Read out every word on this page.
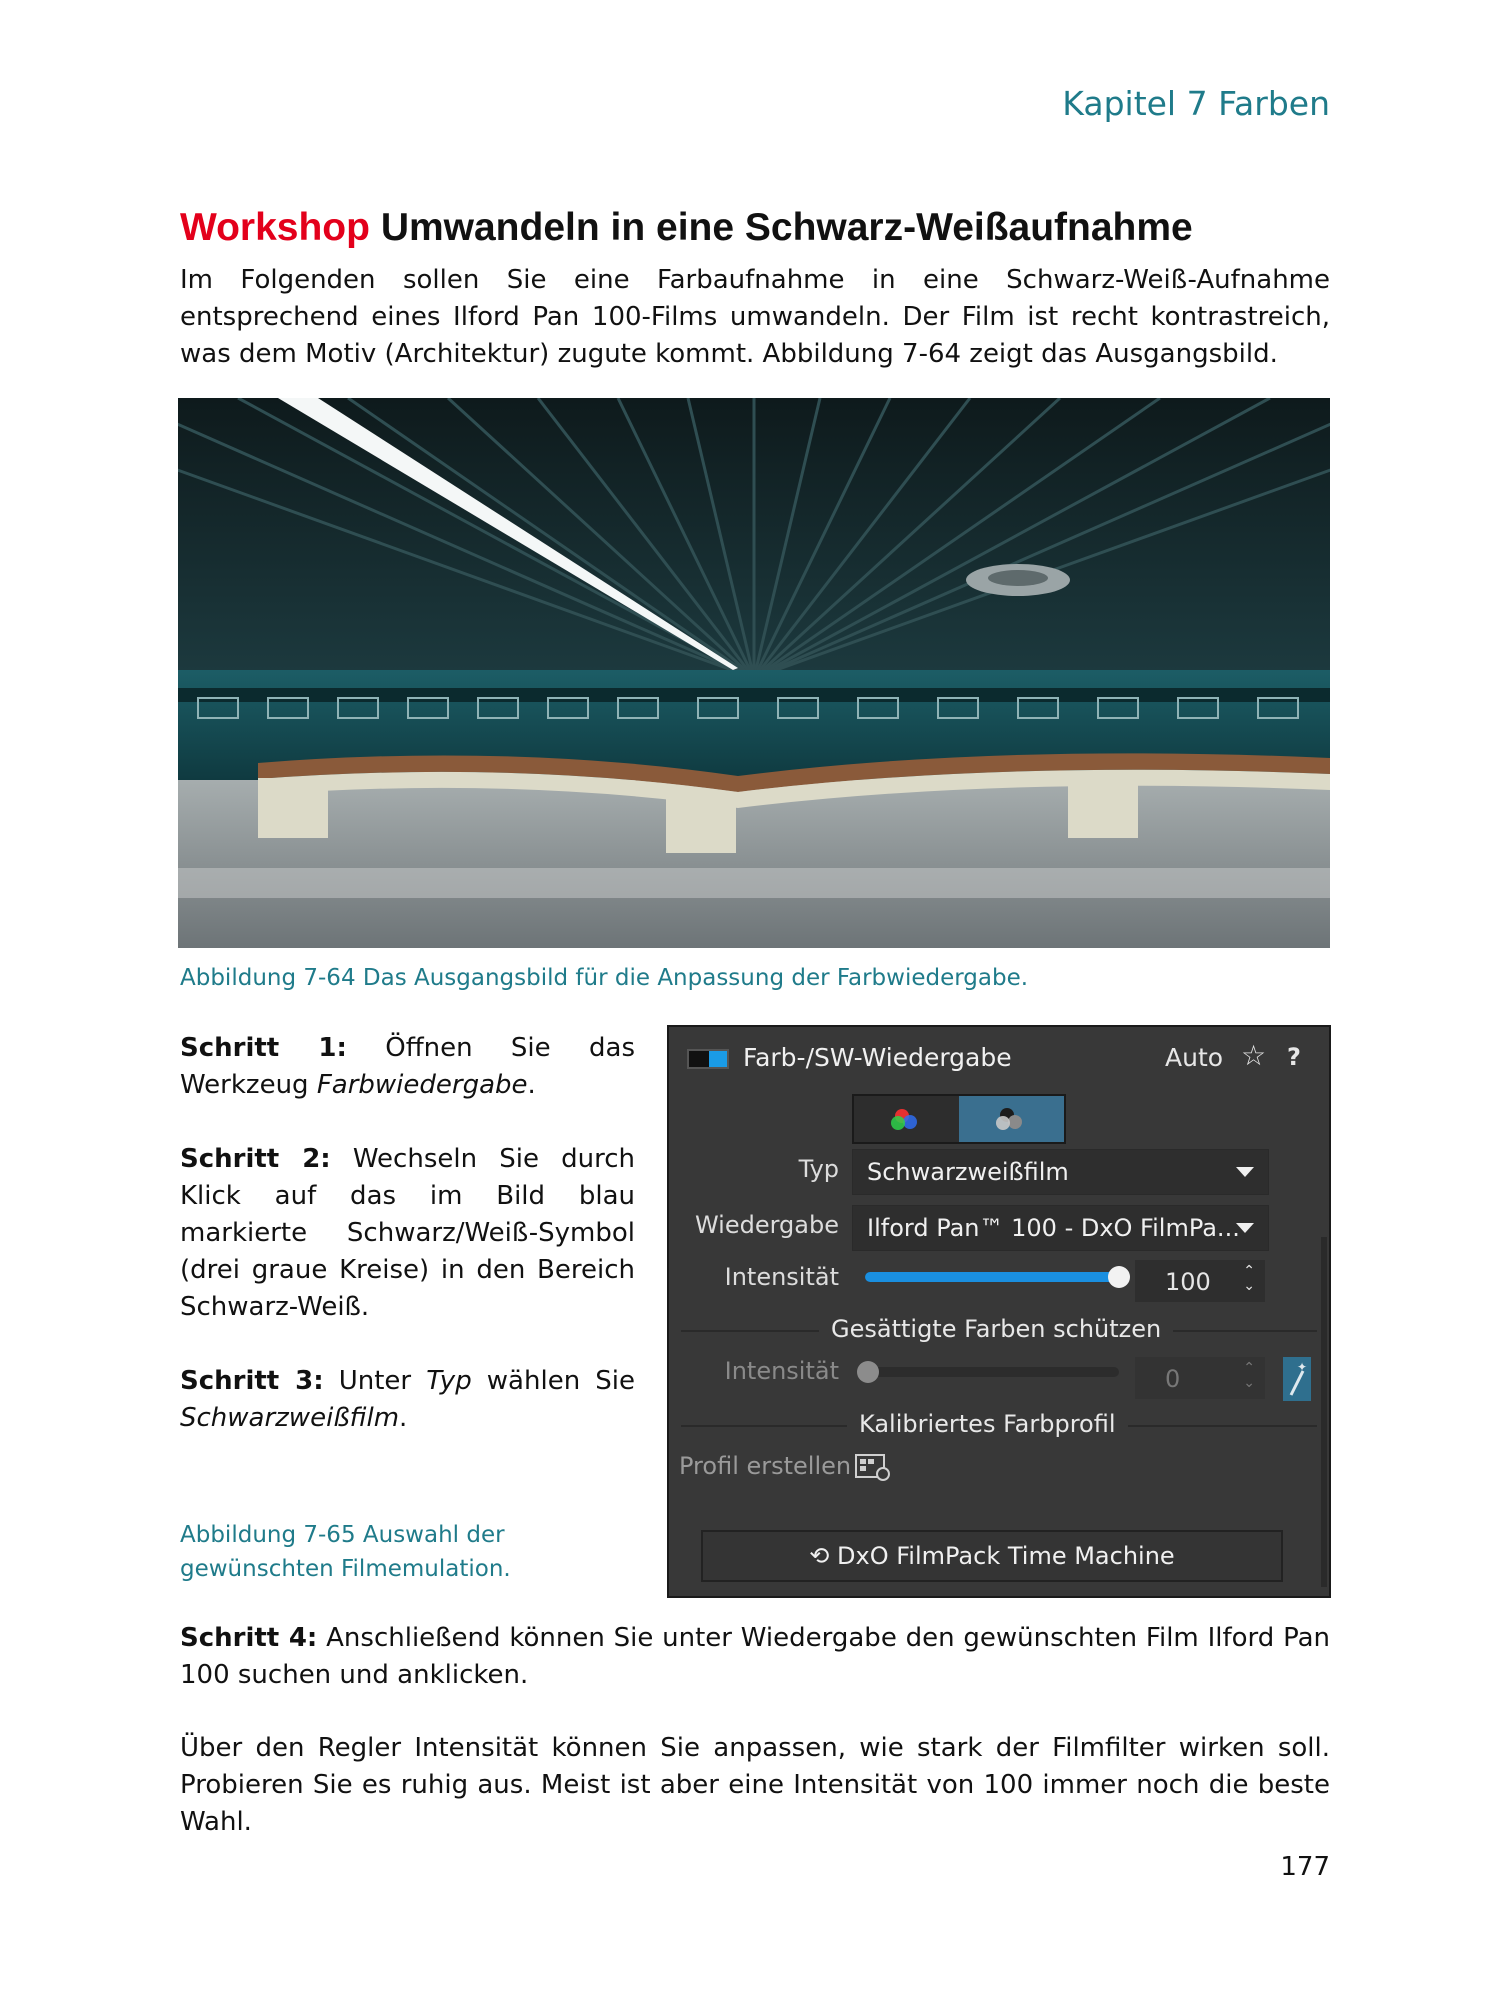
Kapitel 7 Farben
Workshop Umwandeln in eine Schwarz-Weißaufnahme
Im Folgenden sollen Sie eine Farbaufnahme in eine Schwarz-Weiß-Aufnahme entsprechend eines Ilford Pan 100-Films umwandeln. Der Film ist recht kontrastreich, was dem Motiv (Architektur) zugute kommt. Abbildung 7-64 zeigt das Ausgangsbild.
Abbildung 7-64 Das Ausgangsbild für die Anpassung der Farbwiedergabe.

Schritt 1: Öffnen Sie das Werkzeug Farbwiedergabe.

Schritt 2: Wechseln Sie durch Klick auf das im Bild blau markierte Schwarz/Weiß-Symbol (drei graue Kreise) in den Bereich Schwarz-Weiß.

Schritt 3: Unter Typ wählen Sie Schwarzweißfilm.

Abbildung 7-65 Auswahl der gewünschten Filmemulation.
Farb-/SW-Wiedergabe	Auto ☆ ?
Typ Schwarzweißfilm
Wiedergabe Ilford Pan™ 100 - DxO FilmPa...
Intensität	100 ⌃
⌄
Gesättigte Farben schützen
Intensität	0	⌃
⌄
✦
Kalibriertes Farbprofil
Profil erstellen
⟲ DxO FilmPack Time Machine
Schritt 4: Anschließend können Sie unter Wiedergabe den gewünschten Film Ilford Pan 100 suchen und anklicken.
Über den Regler Intensität können Sie anpassen, wie stark der Filmfilter wirken soll. Probieren Sie es ruhig aus. Meist ist aber eine Intensität von 100 immer noch die beste Wahl.
177
